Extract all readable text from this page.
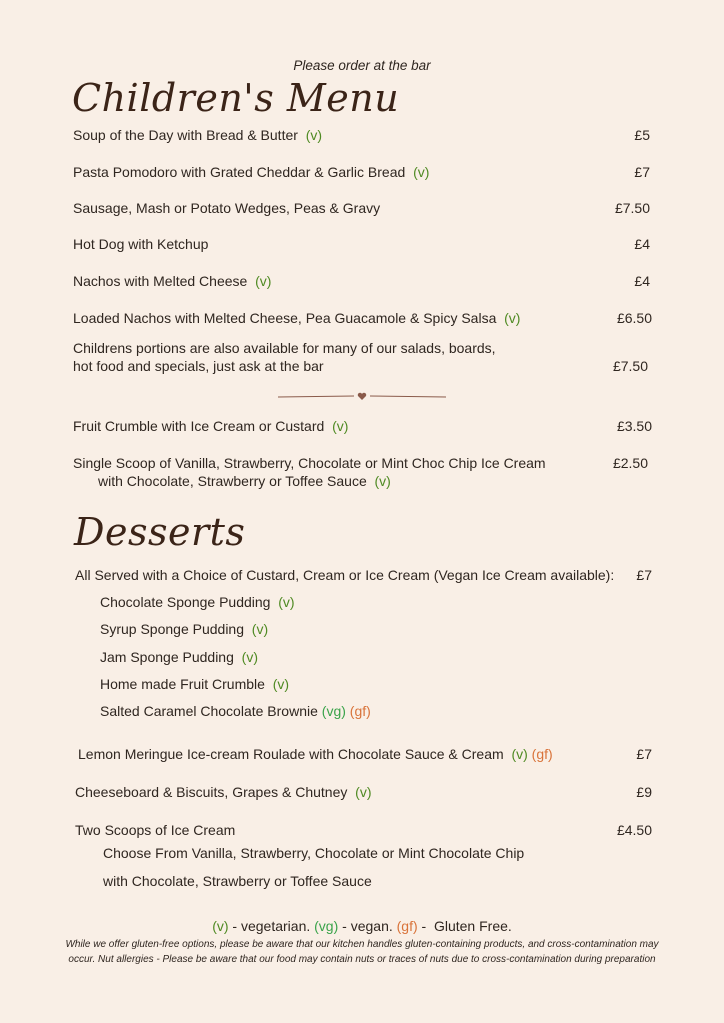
Please order at the bar
Children's Menu
Soup of the Day with Bread & Butter (v)	£5
Pasta Pomodoro with Grated Cheddar & Garlic Bread (v)	£7
Sausage, Mash or Potato Wedges, Peas & Gravy	£7.50
Hot Dog with Ketchup	£4
Nachos with Melted Cheese (v)	£4
Loaded Nachos with Melted Cheese, Pea Guacamole & Spicy Salsa (v)	£6.50
Childrens portions are also available for many of our salads, boards,
hot food and specials, just ask at the bar	£7.50
Fruit Crumble with Ice Cream or Custard (v)	£3.50
Single Scoop of Vanilla, Strawberry, Chocolate or Mint Choc Chip Ice Cream	£2.50
with Chocolate, Strawberry or Toffee Sauce (v)
Desserts
All Served with a Choice of Custard, Cream or Ice Cream (Vegan Ice Cream available): £7
Chocolate Sponge Pudding (v)
Syrup Sponge Pudding (v)
Jam Sponge Pudding (v)
Home made Fruit Crumble (v)
Salted Caramel Chocolate Brownie (vg) (gf)
Lemon Meringue Ice-cream Roulade with Chocolate Sauce & Cream (v) (gf)	£7
Cheeseboard & Biscuits, Grapes & Chutney (v)	£9
Two Scoops of Ice Cream	£4.50
Choose From Vanilla, Strawberry, Chocolate or Mint Chocolate Chip
with Chocolate, Strawberry or Toffee Sauce
(v) - vegetarian. (vg) - vegan. (gf) -  Gluten Free.
While we offer gluten-free options, please be aware that our kitchen handles gluten-containing products, and cross-contamination may occur. Nut allergies - Please be aware that our food may contain nuts or traces of nuts due to cross-contamination during preparation
